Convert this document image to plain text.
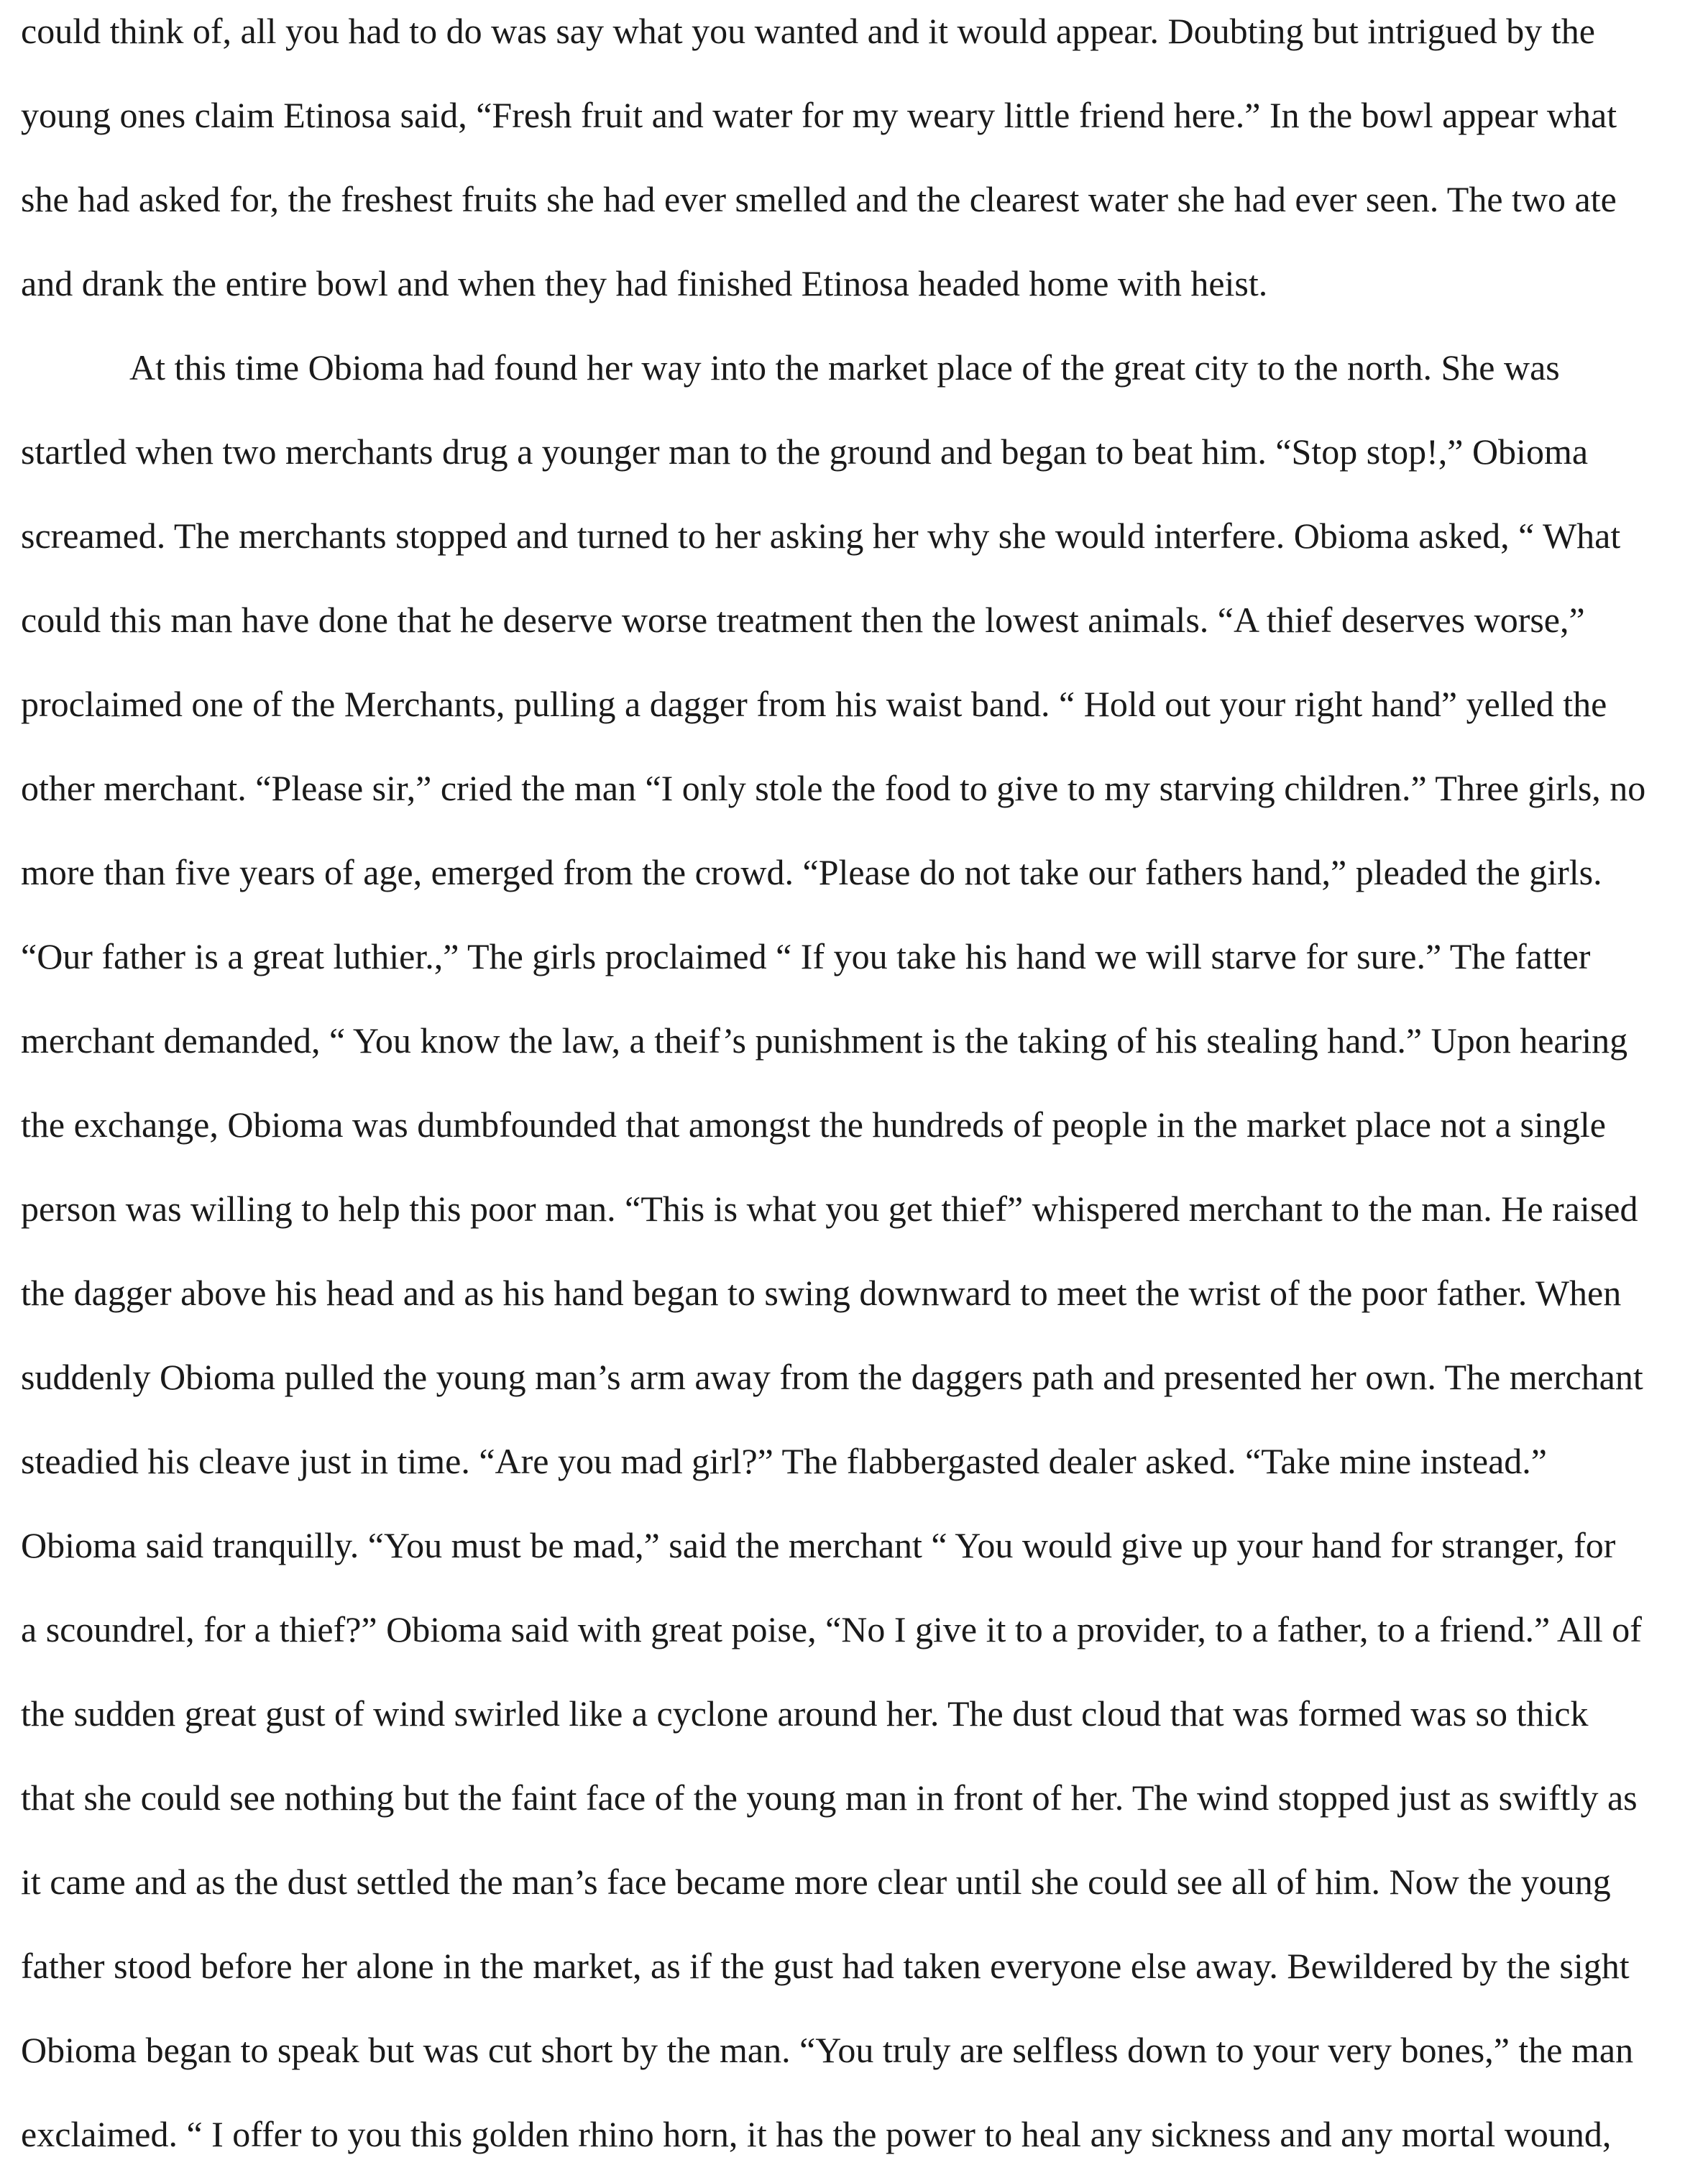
could think of, all you had to do was say what you wanted and it would appear. Doubting but intrigued by the
young ones claim Etinosa said, “Fresh fruit and water for my weary little friend here.” In the bowl appear what
she had asked for, the freshest fruits she had ever smelled and the clearest water she had ever seen. The two ate
and drank the entire bowl and when they had finished Etinosa headed home with heist.
At this time Obioma had found her way into the market place of the great city to the north. She was
startled when two merchants drug a younger man to the ground and began to beat him. “Stop stop!,” Obioma
screamed. The merchants stopped and turned to her asking her why she would interfere. Obioma asked, “ What
could this man have done that he deserve worse treatment then the lowest animals. “A thief deserves worse,”
proclaimed one of the Merchants, pulling a dagger from his waist band. “ Hold out your right hand” yelled the
other merchant. “Please sir,” cried the man “I only stole the food to give to my starving children.” Three girls, no
more than five years of age, emerged from the crowd. “Please do not take our fathers hand,” pleaded the girls.
“Our father is a great luthier.,” The girls proclaimed “ If you take his hand we will starve for sure.” The fatter
merchant demanded, “ You know the law, a theif’s punishment is the taking of his stealing hand.” Upon hearing
the exchange, Obioma was dumbfounded that amongst the hundreds of people in the market place not a single
person was willing to help this poor man. “This is what you get thief” whispered merchant to the man. He raised
the dagger above his head and as his hand began to swing downward to meet the wrist of the poor father. When
suddenly Obioma pulled the young man’s arm away from the daggers path and presented her own. The merchant
steadied his cleave just in time. “Are you mad girl?” The flabbergasted dealer asked. “Take mine instead.”
Obioma said tranquilly. “You must be mad,” said the merchant “ You would give up your hand for stranger, for
a scoundrel, for a thief?” Obioma said with great poise, “No I give it to a provider, to a father, to a friend.” All of
the sudden great gust of wind swirled like a cyclone around her. The dust cloud that was formed was so thick
that she could see nothing but the faint face of the young man in front of her. The wind stopped just as swiftly as
it came and as the dust settled the man’s face became more clear until she could see all of him. Now the young
father stood before her alone in the market, as if the gust had taken everyone else away. Bewildered by the sight
Obioma began to speak but was cut short by the man. “You truly are selfless down to your very bones,” the man
exclaimed. “ I offer to you this golden rhino horn, it has the power to heal any sickness and any mortal wound,
